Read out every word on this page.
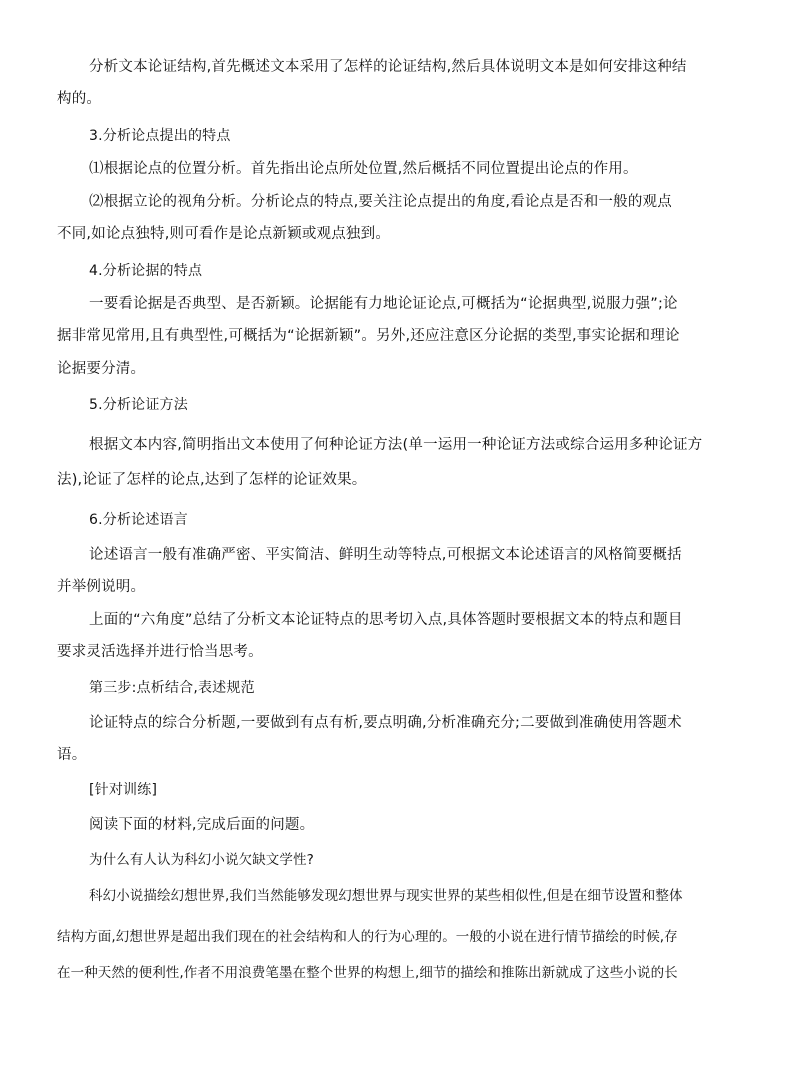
分析文本论证结构,首先概述文本采用了怎样的论证结构,然后具体说明文本是如何安排这种结

构的。

3.分析论点提出的特点

⑴根据论点的位置分析。首先指出论点所处位置,然后概括不同位置提出论点的作用。

⑵根据立论的视角分析。分析论点的特点,要关注论点提出的角度,看论点是否和一般的观点

不同,如论点独特,则可看作是论点新颖或观点独到。

4.分析论据的特点

一要看论据是否典型、是否新颖。论据能有力地论证论点,可概括为“论据典型,说服力强”;论

据非常见常用,且有典型性,可概括为“论据新颖”。另外,还应注意区分论据的类型,事实论据和理论

论据要分清。

5.分析论证方法

根据文本内容,简明指出文本使用了何种论证方法(单一运用一种论证方法或综合运用多种论证方

法),论证了怎样的论点,达到了怎样的论证效果。

6.分析论述语言

论述语言一般有准确严密、平实简洁、鲜明生动等特点,可根据文本论述语言的风格简要概括

并举例说明。

上面的“六角度”总结了分析文本论证特点的思考切入点,具体答题时要根据文本的特点和题目

要求灵活选择并进行恰当思考。

第三步:点析结合,表述规范

论证特点的综合分析题,一要做到有点有析,要点明确,分析准确充分;二要做到准确使用答题术

语。

[针对训练]

阅读下面的材料,完成后面的问题。

为什么有人认为科幻小说欠缺文学性?

科幻小说描绘幻想世界,我们当然能够发现幻想世界与现实世界的某些相似性,但是在细节设置和整体

结构方面,幻想世界是超出我们现在的社会结构和人的行为心理的。一般的小说在进行情节描绘的时候,存

在一种天然的便利性,作者不用浪费笔墨在整个世界的构想上,细节的描绘和推陈出新就成了这些小说的长
